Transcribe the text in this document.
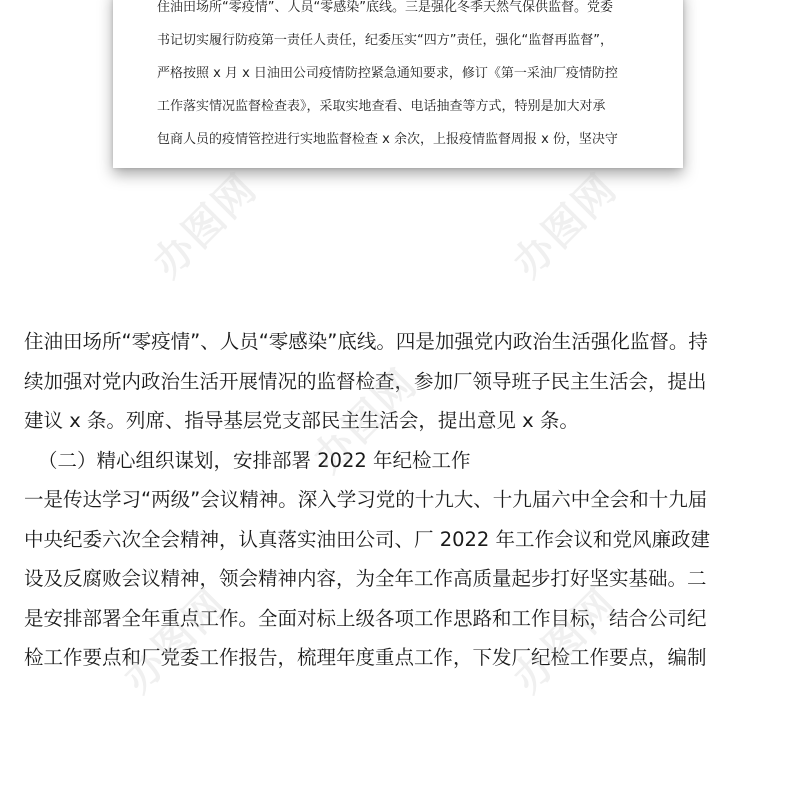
住油田场所“零疫情”、人员“零感染”底线。三是强化冬季天然气保供监督。党委
书记切实履行防疫第一责任人责任，纪委压实“四方”责任，强化“监督再监督”，
严格按照 x 月 x 日油田公司疫情防控紧急通知要求，修订《第一采油厂疫情防控
工作落实情况监督检查表》，采取实地查看、电话抽查等方式，特别是加大对承
包商人员的疫情管控进行实地监督检查 x 余次，上报疫情监督周报 x 份，坚决守
住油田场所“零疫情”、人员“零感染”底线。四是加强党内政治生活强化监督。持
续加强对党内政治生活开展情况的监督检查，参加厂领导班子民主生活会，提出
建议 x 条。列席、指导基层党支部民主生活会，提出意见 x 条。
（二）精心组织谋划，安排部署 2022 年纪检工作
一是传达学习“两级”会议精神。深入学习党的十九大、十九届六中全会和十九届
中央纪委六次全会精神，认真落实油田公司、厂 2022 年工作会议和党风廉政建
设及反腐败会议精神，领会精神内容，为全年工作高质量起步打好坚实基础。二
是安排部署全年重点工作。全面对标上级各项工作思路和工作目标，结合公司纪
检工作要点和厂党委工作报告，梳理年度重点工作，下发厂纪检工作要点，编制
办图网	办图网
办图网
办图网	办图网
